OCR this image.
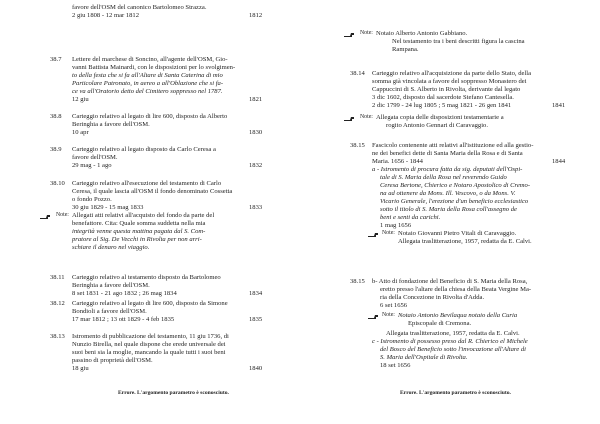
favore dell'OSM del canonico Bartolomeo Strazza.
2 giu 1808 - 12 mar 1812	1812
38.7 Lettere del marchese di Soncino, all'agente dell'OSM, Gio-
vanni Battista Mainardi, con le disposizioni per lo svolgimen-
to della festa che si fa all'Altare di Santa Caterina di mio
Particolare Patronato, in aereo a all'Oblazione che si fa-
ce va all'Oratorio detto del Cimitero soppresso nel 1787.
12 giu	1821
38.8 Carteggio relativo al legato di lire 600, disposto da Alberto
Beringhia a favore dell'OSM.
10 apr	1830
38.9 Carteggio relativo al legato disposto da Carlo Ceresa a
favore dell'OSM.
29 mag - 1 ago	1832
38.10 Carteggio relativo all'esecuzione del testamento di Carlo
Ceresa, il quale lascia all'OSM il fondo denominato Cossetta
o fondo Pozzo.
30 giu 1829 - 15 mag 1833	1833
Note: Allegati atti relativi all'acquisto del fondo da parte del
benefattore. Cita: Quale somma suddetta nella mia
integrità venne questa mattina pagata dal S. Com-
pratore al Sig. De Vecchi in Rivolta per non arri-
schiare il denaro nel viaggio.
38.11 Carteggio relativo al testamento disposto da Bartolomeo
Beringhia a favore dell'OSM.
8 set 1831 - 21 ago 1832 ; 26 mag 1834	1834
38.12 Carteggio relativo al legato di lire 600, disposto da Simone
Bondioli a favore dell'OSM.
17 mar 1812 ; 13 ott 1829 - 4 feb 1835	1835
38.13 Istromento di pubblicazione del testamento, 11 giu 1736, di
Nunzio Birella, nel quale dispone che erede universale dei
suoi beni sia la moglie, mancando la quale tutti i suoi beni
passino di proprietà dell'OSM.
18 giu	1840
Errore. L'argomento parametro è sconosciuto.
Note: Notaio Alberto Antonio Gabbiano.
Nel testamento tra i beni descritti figura la cascina
Rampana.
38.14 Carteggio relativo all'acquisizione da parte dello Stato, della
somma già vincolata a favore del soppresso Monastero dei
Cappuccini di S. Alberto in Rivolta, derivante dal legato
3 dic 1602, disposto dal sacerdote Stefano Cantesella.
2 dic 1799 - 24 lug 1805 ; 5 mag 1821 - 26 gen 1841	1841
Note: Allegata copia delle disposizioni testamentarie a
rogito Antonio Gennari di Caravaggio.
38.15 Fascicolo contenente atti relativi all'istituzione ed alla gestio-
ne dei benefici dette di Santa Maria della Rosa e di Santa
Maria. 1656 - 1844	1844
a - Istromento di procura fatta da sig. deputati dell'Ospi-
tale di S. Maria della Rosa nel reverendo Guido
Ceresa Bertone, Chierico e Notaro Apostolico di Cremo-
na ad ottenere da Mons. Ill. Vescovo, o da Mons. V.
Vicario Generale, l'erezione d'un beneficio ecclesiastico
sotto il titolo di S. Maria della Rosa coll'assegno de
beni e senti da carichi.
1 mag 1656
Note: Notaio Giovanni Pietro Vitali di Caravaggio.
Allegata traslitterazione, 1957, redatta da E. Calvi.
38.15 b- Atto di fondazione del Beneficio di S. Maria della Rosa,
eretto presso l'altare della chiesa della Beata Vergine Ma-
ria della Concezione in Rivolta d'Adda.
6 set 1656
Note: Notaio Antonio Bevilaqua notaio della Curia
Episcopale di Cremona.
Allegata traslitterazione, 1957, redatta da E. Calvi.
c - Istromento di possesso preso dal R. Chierico el Michele
del Bosco del Beneficio sotto l'invocazione all'Altare di
S. Maria dell'Ospitale di Rivolta.
18 set 1656
Errore. L'argomento parametro è sconosciuto.
